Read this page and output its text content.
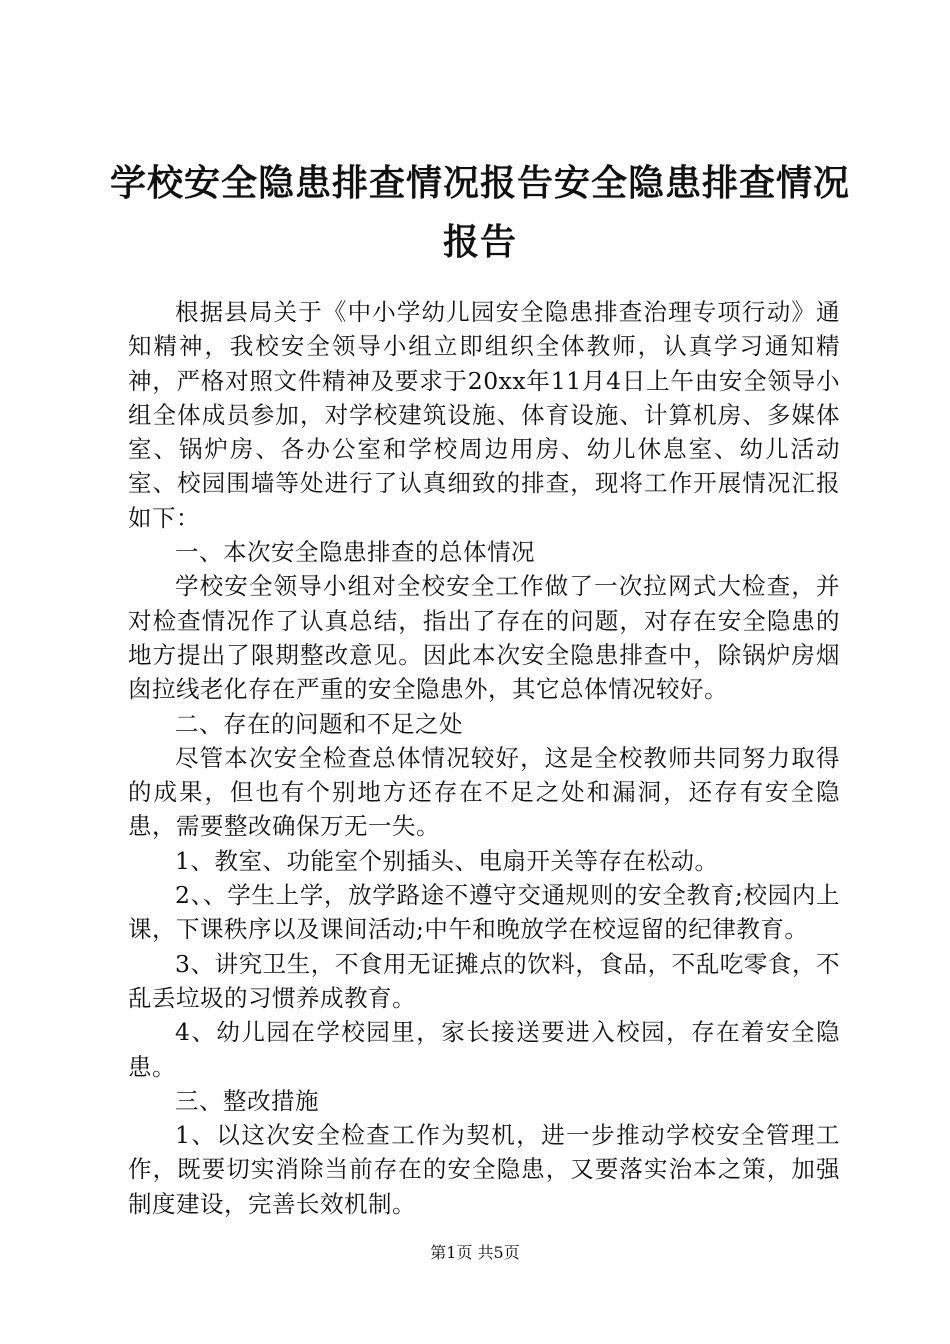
学校安全隐患排查情况报告安全隐患排查情况
报告

根据县局关于《中小学幼儿园安全隐患排查治理专项行动》通知精神，我校安全领导小组立即组织全体教师，认真学习通知精神，严格对照文件精神及要求于20xx年11月4日上午由安全领导小组全体成员参加，对学校建筑设施、体育设施、计算机房、多媒体室、锅炉房、各办公室和学校周边用房、幼儿休息室、幼儿活动室、校园围墙等处进行了认真细致的排查，现将工作开展情况汇报如下：

一、本次安全隐患排查的总体情况

学校安全领导小组对全校安全工作做了一次拉网式大检查，并对检查情况作了认真总结，指出了存在的问题，对存在安全隐患的地方提出了限期整改意见。因此本次安全隐患排查中，除锅炉房烟囱拉线老化存在严重的安全隐患外，其它总体情况较好。

二、存在的问题和不足之处

尽管本次安全检查总体情况较好，这是全校教师共同努力取得的成果，但也有个别地方还存在不足之处和漏洞，还存有安全隐患，需要整改确保万无一失。

1、教室、功能室个别插头、电扇开关等存在松动。

2、、学生上学，放学路途不遵守交通规则的安全教育;校园内上课，下课秩序以及课间活动;中午和晚放学在校逗留的纪律教育。

3、讲究卫生，不食用无证摊点的饮料，食品，不乱吃零食，不乱丢垃圾的习惯养成教育。

4、幼儿园在学校园里，家长接送要进入校园，存在着安全隐患。

三、整改措施

1、以这次安全检查工作为契机，进一步推动学校安全管理工作，既要切实消除当前存在的安全隐患，又要落实治本之策，加强制度建设，完善长效机制。

第1页 共5页
